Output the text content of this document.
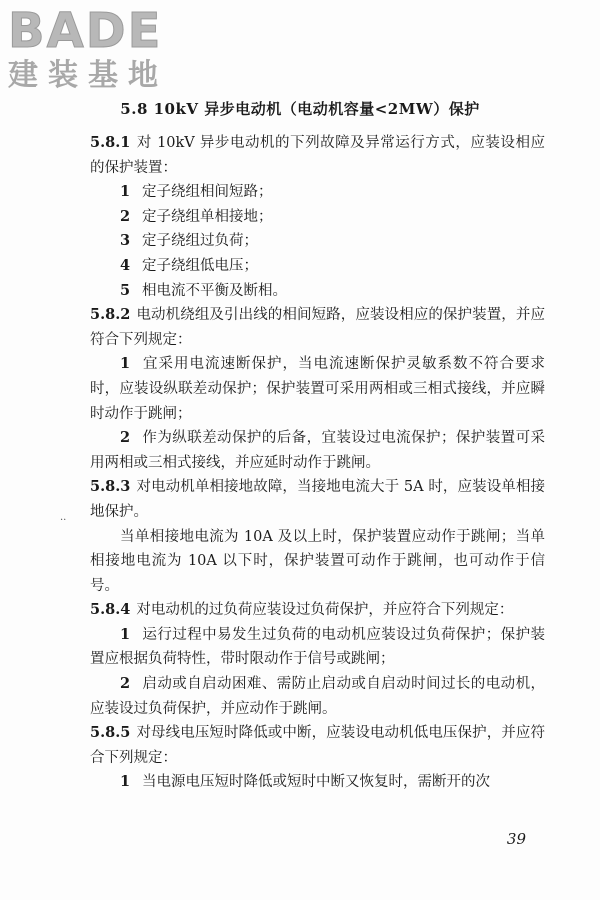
BADE
建装基地
5.8 10kV 异步电动机（电动机容量<2MW）保护
..

5.8.1 对 10kV 异步电动机的下列故障及异常运行方式，应装设相应的保护装置：

1 定子绕组相间短路；

2 定子绕组单相接地；

3 定子绕组过负荷；

4 定子绕组低电压；

5 相电流不平衡及断相。

5.8.2 电动机绕组及引出线的相间短路，应装设相应的保护装置，并应符合下列规定：

1 宜采用电流速断保护，当电流速断保护灵敏系数不符合要求时，应装设纵联差动保护；保护装置可采用两相或三相式接线，并应瞬时动作于跳闸；

2 作为纵联差动保护的后备，宜装设过电流保护；保护装置可采用两相或三相式接线，并应延时动作于跳闸。

5.8.3 对电动机单相接地故障，当接地电流大于 5A 时，应装设单相接地保护。

当单相接地电流为 10A 及以上时，保护装置应动作于跳闸；当单相接地电流为 10A 以下时，保护装置可动作于跳闸，也可动作于信号。

5.8.4 对电动机的过负荷应装设过负荷保护，并应符合下列规定：

1 运行过程中易发生过负荷的电动机应装设过负荷保护；保护装置应根据负荷特性，带时限动作于信号或跳闸；

2 启动或自启动困难、需防止启动或自启动时间过长的电动机，应装设过负荷保护，并应动作于跳闸。

5.8.5 对母线电压短时降低或中断，应装设电动机低电压保护，并应符合下列规定：

1 当电源电压短时降低或短时中断又恢复时，需断开的次

39
